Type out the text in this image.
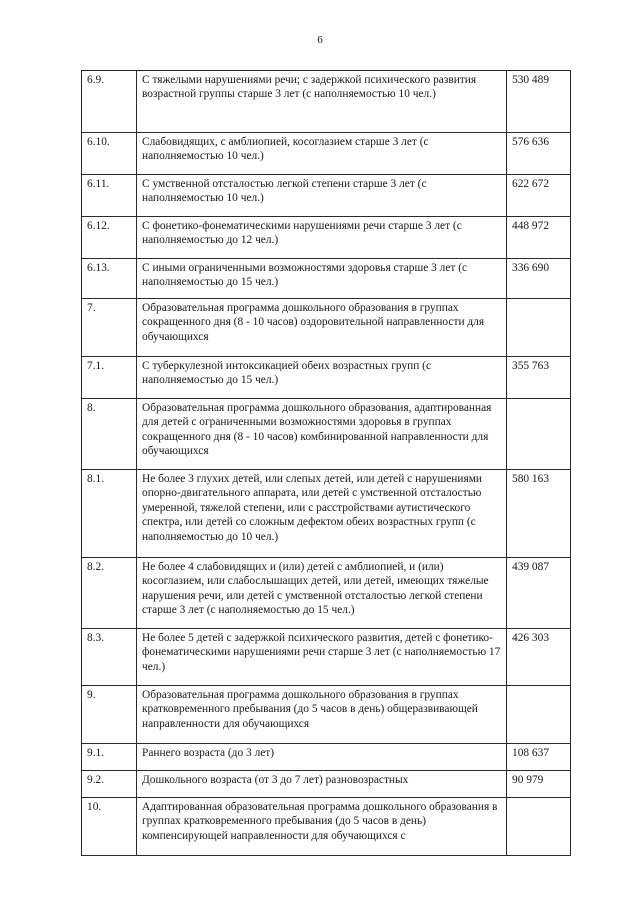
6
6.9.	С тяжелыми нарушениями речи; с задержкой психического развития возрастной группы старше 3 лет (с наполняемостью 10 чел.)	530 489
6.10.	Слабовидящих, с амблиопией, косоглазием старше 3 лет (с наполняемостью 10 чел.)	576 636
6.11.	С умственной отсталостью легкой степени старше 3 лет (с наполняемостью 10 чел.)	622 672
6.12.	С фонетико-фонематическими нарушениями речи старше 3 лет (с наполняемостью до 12 чел.)	448 972
6.13.	С иными ограниченными возможностями здоровья старше 3 лет (с наполняемостью до 15 чел.)	336 690
7.	Образовательная программа дошкольного образования в группах сокращенного дня (8 - 10 часов) оздоровительной направленности для обучающихся	
7.1.	С туберкулезной интоксикацией обеих возрастных групп (с наполняемостью до 15 чел.)	355 763
8.	Образовательная программа дошкольного образования, адаптированная для детей с ограниченными возможностями здоровья в группах сокращенного дня (8 - 10 часов) комбинированной направленности для обучающихся	
8.1.	Не более 3 глухих детей, или слепых детей, или детей с нарушениями опорно-двигательного аппарата, или детей с умственной отсталостью умеренной, тяжелой степени, или с расстройствами аутистического спектра, или детей со сложным дефектом обеих возрастных групп (с наполняемостью до 10 чел.)	580 163
8.2.	Не более 4 слабовидящих и (или) детей с амблиопией, и (или) косоглазием, или слабослышащих детей, или детей, имеющих тяжелые нарушения речи, или детей с умственной отсталостью легкой степени старше 3 лет (с наполняемостью до 15 чел.)	439 087
8.3.	Не более 5 детей с задержкой психического развития, детей с фонетико-фонематическими нарушениями речи старше 3 лет (с наполняемостью 17 чел.)	426 303
9.	Образовательная программа дошкольного образования в группах кратковременного пребывания (до 5 часов в день) общеразвивающей направленности для обучающихся	
9.1.	Раннего возраста (до 3 лет)	108 637
9.2.	Дошкольного возраста (от 3 до 7 лет) разновозрастных	90 979
10.	Адаптированная образовательная программа дошкольного образования в группах кратковременного пребывания (до 5 часов в день) компенсирующей направленности для обучающихся с	
